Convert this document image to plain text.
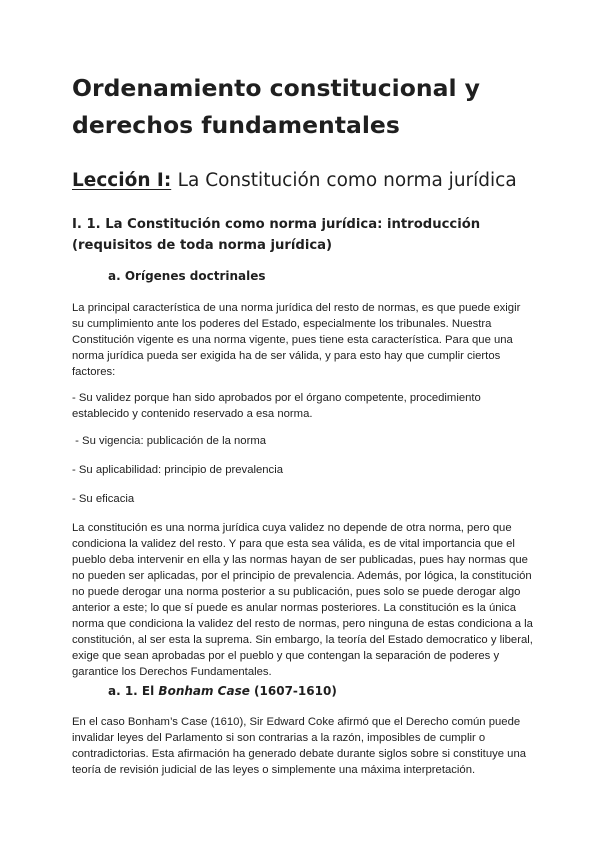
Ordenamiento constitucional y derechos fundamentales
Lección I: La Constitución como norma jurídica
I. 1. La Constitución como norma jurídica: introducción (requisitos de toda norma jurídica)
a. Orígenes doctrinales

La principal característica de una norma jurídica del resto de normas, es que puede exigir su cumplimiento ante los poderes del Estado, especialmente los tribunales. Nuestra Constitución vigente es una norma vigente, pues tiene esta característica. Para que una norma jurídica pueda ser exigida ha de ser válida, y para esto hay que cumplir ciertos factores:

- Su validez porque han sido aprobados por el órgano competente, procedimiento establecido y contenido reservado a esa norma.

- Su vigencia: publicación de la norma

- Su aplicabilidad: principio de prevalencia

- Su eficacia

La constitución es una norma jurídica cuya validez no depende de otra norma, pero que condiciona la validez del resto. Y para que esta sea válida, es de vital importancia que el pueblo deba intervenir en ella y las normas hayan de ser publicadas, pues hay normas que no pueden ser aplicadas, por el principio de prevalencia. Además, por lógica, la constitución no puede derogar una norma posterior a su publicación, pues solo se puede derogar algo anterior a este; lo que sí puede es anular normas posteriores. La constitución es la única norma que condiciona la validez del resto de normas, pero ninguna de estas condiciona a la constitución, al ser esta la suprema. Sin embargo, la teoría del Estado democratico y liberal, exige que sean aprobadas por el pueblo y que contengan la separación de poderes y garantice los Derechos Fundamentales.

a. 1. El Bonham Case (1607-1610)

En el caso Bonham’s Case (1610), Sir Edward Coke afirmó que el Derecho común puede invalidar leyes del Parlamento si son contrarias a la razón, imposibles de cumplir o contradictorias. Esta afirmación ha generado debate durante siglos sobre si constituye una teoría de revisión judicial de las leyes o simplemente una máxima interpretación.
